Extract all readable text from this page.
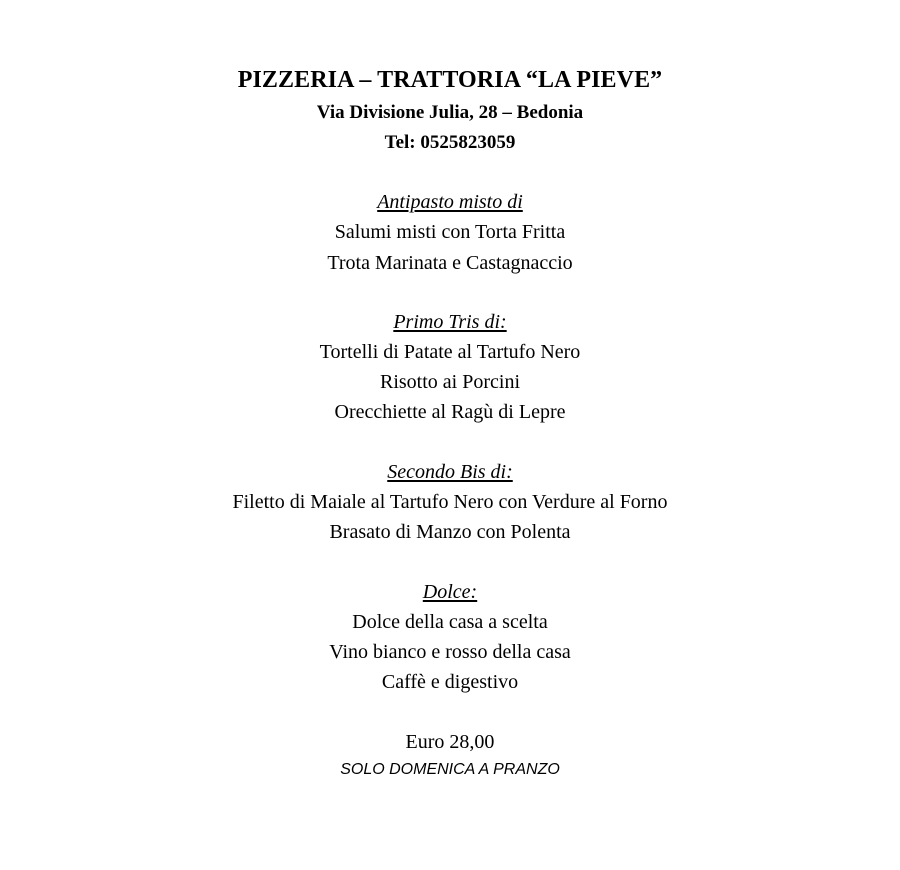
PIZZERIA – TRATTORIA “LA PIEVE”
Via Divisione Julia, 28 – Bedonia
Tel: 0525823059
Antipasto misto di
Salumi misti con Torta Fritta
Trota Marinata e Castagnaccio
Primo Tris di:
Tortelli di Patate al Tartufo Nero
Risotto ai Porcini
Orecchiette al Ragù di Lepre
Secondo Bis di:
Filetto di Maiale al Tartufo Nero con Verdure al Forno
Brasato di Manzo con Polenta
Dolce:
Dolce della casa a scelta
Vino bianco e rosso della casa
Caffè e digestivo
Euro 28,00
SOLO DOMENICA A PRANZO
